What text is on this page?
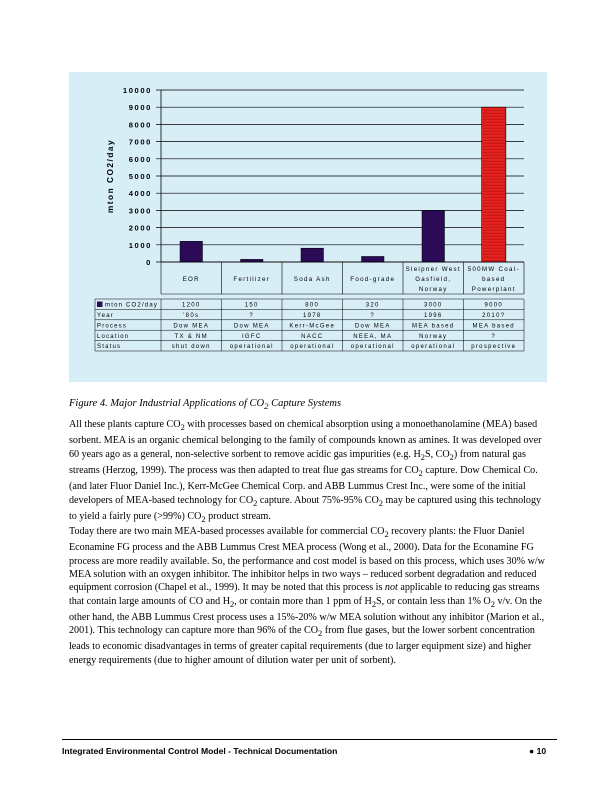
0
1000
2000
3000
4000
5000
6000
7000
8000
9000
10000
mton CO2/day
EOR	Fertilizer	Soda Ash	Food-grade
Sleipner West
Gasfield,
Norway
500MW Coal-
based
Powerplant
mton CO2/day	1200	150	800	320	3000	9000
Year	'80s	?	1978	?	1996	2010?
Process	Dow MEA	Dow MEA	Kerr-McGee	Dow MEA	MEA based	MEA based
Location	TX & NM	IGFC	NACC	NEEA, MA	Norway	?
Status	shut down	operational	operational	operational	operational	prospective
Figure 4. Major Industrial Applications of $CO_2$ Capture Systems

All these plants capture $CO_2$ with processes based on chemical absorption using a monoethanolamine (MEA) based sorbent. MEA is an organic chemical belonging to the family of compounds known as amines. It was developed over 60 years ago as a general, non-selective sorbent to remove acidic gas impurities (e.g. $H_2S$, $CO_2$) from natural gas streams (Herzog, 1999). The process was then adapted to treat flue gas streams for $CO_2$ capture. Dow Chemical Co. (and later Fluor Daniel Inc.), Kerr-McGee Chemical Corp. and ABB Lummus Crest Inc., were some of the initial developers of MEA-based technology for $CO_2$ capture. About 75%-95% $CO_2$ may be captured using this technology to yield a fairly pure (>99%) $CO_2$ product stream.

Today there are two main MEA-based processes available for commercial $CO_2$ recovery plants: the Fluor Daniel Econamine FG process and the ABB Lummus Crest MEA process (Wong et al., 2000). Data for the Econamine FG process are more readily available. So, the performance and cost model is based on this process, which uses 30% w/w MEA solution with an oxygen inhibitor. The inhibitor helps in two ways – reduced sorbent degradation and reduced equipment corrosion (Chapel et al., 1999). It may be noted that this process is not applicable to reducing gas streams that contain large amounts of CO and $H_2$, or contain more than 1 ppm of $H_2S$, or contain less than 1% $O_2$ v/v. On the other hand, the ABB Lummus Crest process uses a 15%-20% w/w MEA solution without any inhibitor (Marion et al., 2001). This technology can capture more than 96% of the $CO_2$ from flue gases, but the lower sorbent concentration leads to economic disadvantages in terms of greater capital requirements (due to larger equipment size) and higher energy requirements (due to higher amount of dilution water per unit of sorbent).

Integrated Environmental Control Model - Technical Documentation	● 10
